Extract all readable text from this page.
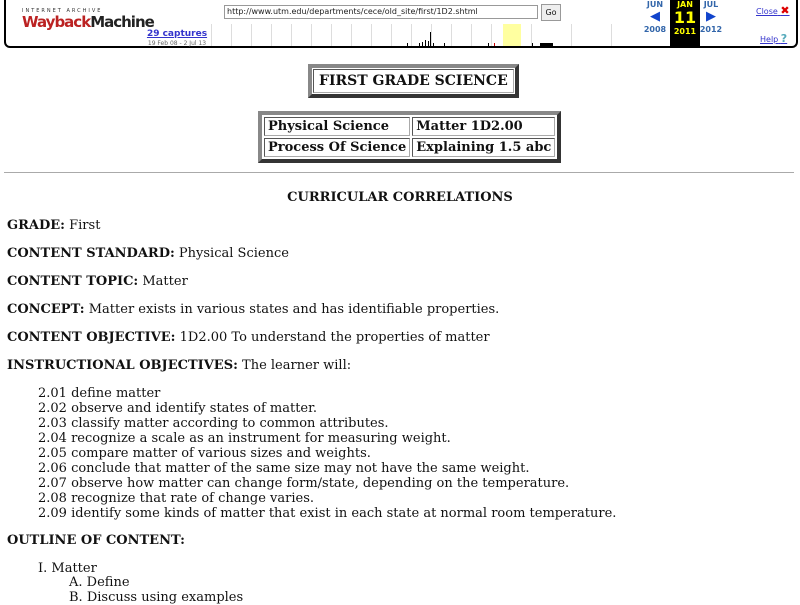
INTERNET ARCHIVE
WaybackMachine
29 captures
19 Feb 08 - 2 Jul 13
http://www.utm.edu/departments/cece/old_site/first/1D2.shtml	Go
JUN
◀
2008
JAN
11
2011
JUL
▶
2012
Close ✖
Help ?
FIRST GRADE SCIENCE
Physical Science	Matter 1D2.00
Process Of Science	Explaining 1.5 abc
CURRICULAR CORRELATIONS
GRADE: First
CONTENT STANDARD: Physical Science
CONTENT TOPIC: Matter
CONCEPT: Matter exists in various states and has identifiable properties.
CONTENT OBJECTIVE: 1D2.00 To understand the properties of matter
INSTRUCTIONAL OBJECTIVES: The learner will:
2.01 define matter
2.02 observe and identify states of matter.
2.03 classify matter according to common attributes.
2.04 recognize a scale as an instrument for measuring weight.
2.05 compare matter of various sizes and weights.
2.06 conclude that matter of the same size may not have the same weight.
2.07 observe how matter can change form/state, depending on the temperature.
2.08 recognize that rate of change varies.
2.09 identify some kinds of matter that exist in each state at normal room temperature.
OUTLINE OF CONTENT:
I. Matter
A. Define
B. Discuss using examples
